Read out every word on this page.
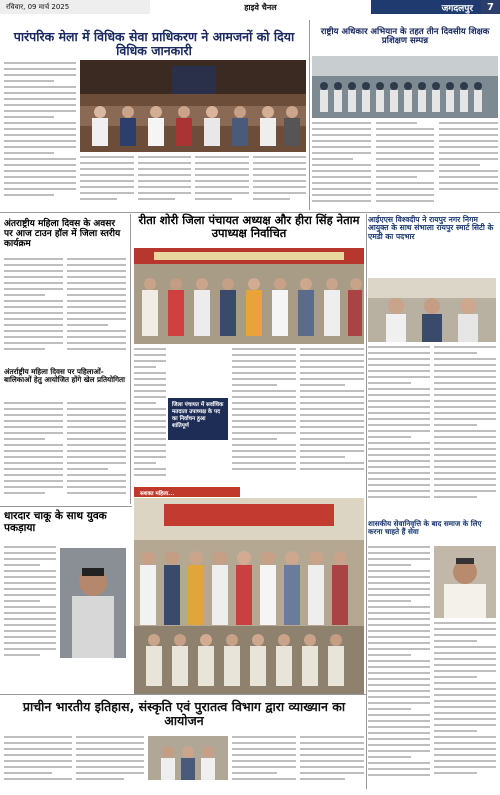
रविवार, 09 मार्च 2025	हाइवे चैनल	जगदलपुर	7
पारंपरिक मेला में विधिक सेवा प्राधिकरण ने आमजनों को दिया विधिक जानकारी
राष्ट्रीय अधिकार अभियान के तहत तीन दिवसीय शिक्षक प्रशिक्षण सम्पन्न
अंतराष्ट्रीय महिला दिवस के अवसर पर आज टाउन हॉल में जिला स्तरीय कार्यक्रम
अंतर्राष्ट्रीय महिला दिवस पर पहिलाओं- बालिकाओं हेतु आयोजित होंगे खेल प्रतियोगिता
रीता शोरी जिला पंचायत अध्यक्ष और हीरा सिंह नेताम उपाध्यक्ष निर्वाचित
जिला पंचायत में सर्वाधिक मतदाता उपाध्यक्ष के पद का निर्वाचन हुआ शांतिपूर्ण
सशक्त महिला...
आईएएस विश्वदीप ने रायपुर नगर निगम आयुक्त के साथ संभाला रायपुर स्मार्ट सिटी के एमडी का पदभार
धारदार चाकू के साथ युवक पकड़ाया	शासकीय सेवानिवृत्ति के बाद समाज के लिए करना चाहते हैं सेवा
प्राचीन भारतीय इतिहास, संस्कृति एवं पुरातत्व विभाग द्वारा व्याख्यान का आयोजन
